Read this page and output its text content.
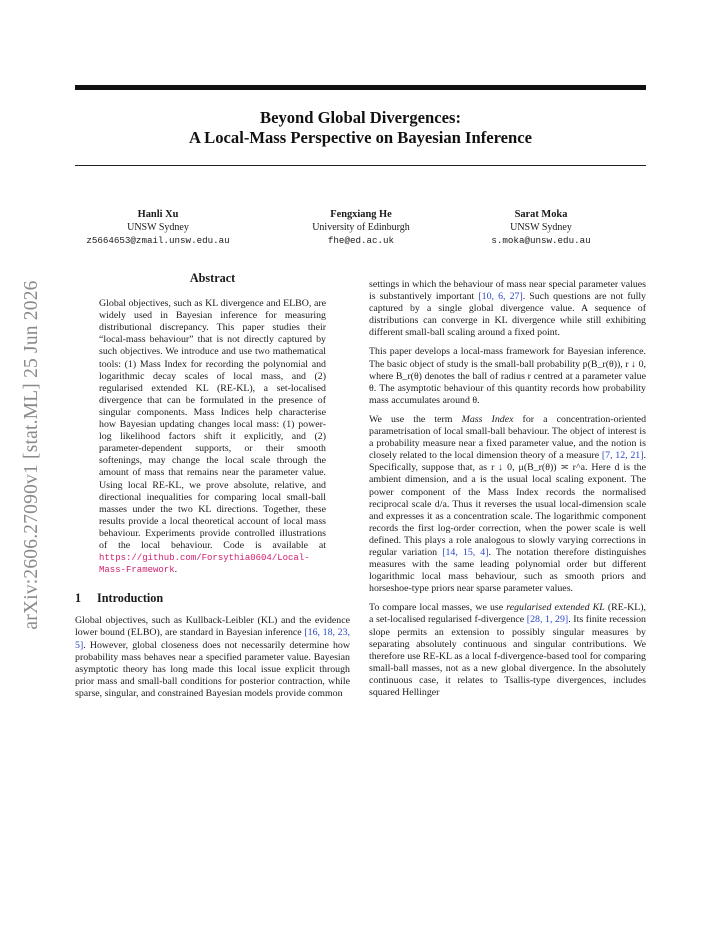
Beyond Global Divergences:
A Local-Mass Perspective on Bayesian Inference
Hanli Xu
UNSW Sydney
z5664653@zmail.unsw.edu.au
Fengxiang He
University of Edinburgh
fhe@ed.ac.uk
Sarat Moka
UNSW Sydney
s.moka@unsw.edu.au
arXiv:2606.27090v1 [stat.ML] 25 Jun 2026
Abstract
Global objectives, such as KL divergence and ELBO, are widely used in Bayesian inference for measuring distributional discrepancy. This paper studies their “local-mass behaviour” that is not directly captured by such objectives. We introduce and use two mathematical tools: (1) Mass Index for recording the polynomial and logarithmic decay scales of local mass, and (2) regularised extended KL (RE-KL), a set-localised divergence that can be formulated in the presence of singular components. Mass Indices help characterise how Bayesian updating changes local mass: (1) power-log likelihood factors shift it explicitly, and (2) parameter-dependent supports, or their smooth softenings, may change the local scale through the amount of mass that remains near the parameter value. Using local RE-KL, we prove absolute, relative, and directional inequalities for comparing local small-ball masses under the two KL directions. Together, these results provide a local theoretical account of local mass behaviour. Experiments provide controlled illustrations of the local behaviour. Code is available at https://github.com/Forsythia0604/Local-Mass-Framework.
1 Introduction

Global objectives, such as Kullback-Leibler (KL) and the evidence lower bound (ELBO), are standard in Bayesian inference [16, 18, 23, 5]. However, global closeness does not necessarily determine how probability mass behaves near a specified parameter value. Bayesian asymptotic theory has long made this local issue explicit through prior mass and small-ball conditions for posterior contraction, while sparse, singular, and constrained Bayesian models provide common

settings in which the behaviour of mass near special parameter values is substantively important [10, 6, 27]. Such questions are not fully captured by a single global divergence value. A sequence of distributions can converge in KL divergence while still exhibiting different small-ball scaling around a fixed point.

This paper develops a local-mass framework for Bayesian inference. The basic object of study is the small-ball probability p(B_r(θ)), r ↓ 0, where B_r(θ) denotes the ball of radius r centred at a parameter value θ. The asymptotic behaviour of this quantity records how probability mass accumulates around θ.

We use the term Mass Index for a concentration-oriented parametrisation of local small-ball behaviour. The object of interest is a probability measure near a fixed parameter value, and the notion is closely related to the local dimension theory of a measure [7, 12, 21]. Specifically, suppose that, as r ↓ 0, μ(B_r(θ)) ≍ r^a. Here d is the ambient dimension, and a is the usual local scaling exponent. The power component of the Mass Index records the normalised reciprocal scale d/a. Thus it reverses the usual local-dimension scale and expresses it as a concentration scale. The logarithmic component records the first log-order correction, when the power scale is well defined. This plays a role analogous to slowly varying corrections in regular variation [14, 15, 4]. The notation therefore distinguishes measures with the same leading polynomial order but different logarithmic local mass behaviour, such as smooth priors and horseshoe-type priors near sparse parameter values.

To compare local masses, we use regularised extended KL (RE-KL), a set-localised regularised f-divergence [28, 1, 29]. Its finite recession slope permits an extension to possibly singular measures by separating absolutely continuous and singular contributions. We therefore use RE-KL as a local f-divergence-based tool for comparing small-ball masses, not as a new global divergence. In the absolutely continuous case, it relates to Tsallis-type divergences, includes squared Hellinger
